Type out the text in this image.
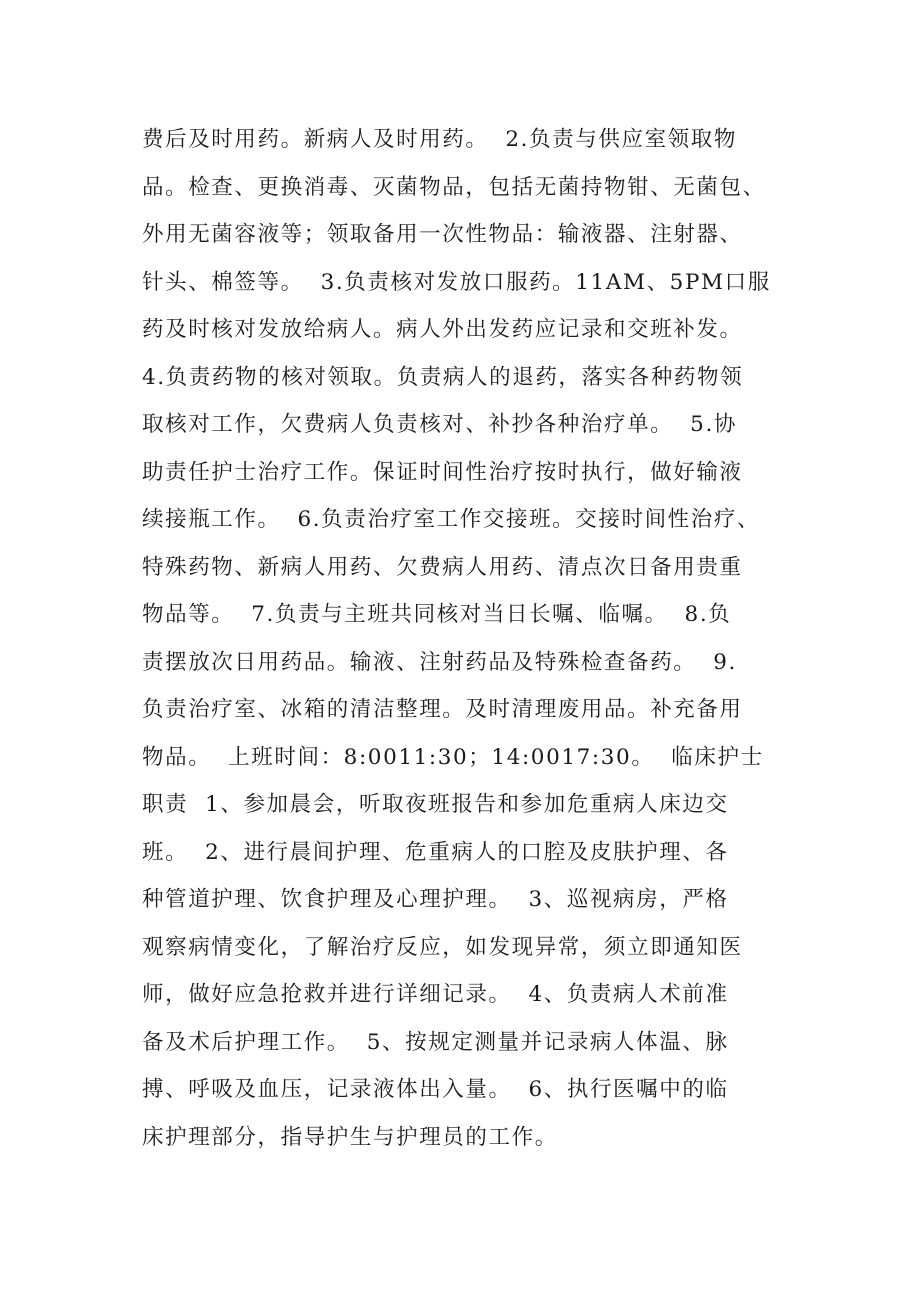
费后及时用药。新病人及时用药。  2.负责与供应室领取物
品。检查、更换消毒、灭菌物品，包括无菌持物钳、无菌包、
外用无菌容液等；领取备用一次性物品：输液器、注射器、
针头、棉签等。  3.负责核对发放口服药。11AM、5PM口服
药及时核对发放给病人。病人外出发药应记录和交班补发。
4.负责药物的核对领取。负责病人的退药，落实各种药物领
取核对工作，欠费病人负责核对、补抄各种治疗单。  5.协
助责任护士治疗工作。保证时间性治疗按时执行，做好输液
续接瓶工作。  6.负责治疗室工作交接班。交接时间性治疗、
特殊药物、新病人用药、欠费病人用药、清点次日备用贵重
物品等。  7.负责与主班共同核对当日长嘱、临嘱。  8.负
责摆放次日用药品。输液、注射药品及特殊检查备药。  9.
负责治疗室、冰箱的清洁整理。及时清理废用品。补充备用
物品。  上班时间：8:0011:30；14:0017:30。  临床护士
职责  1、参加晨会，听取夜班报告和参加危重病人床边交
班。  2、进行晨间护理、危重病人的口腔及皮肤护理、各
种管道护理、饮食护理及心理护理。  3、巡视病房，严格
观察病情变化，了解治疗反应，如发现异常，须立即通知医
师，做好应急抢救并进行详细记录。  4、负责病人术前准
备及术后护理工作。  5、按规定测量并记录病人体温、脉
搏、呼吸及血压，记录液体出入量。  6、执行医嘱中的临
床护理部分，指导护生与护理员的工作。
